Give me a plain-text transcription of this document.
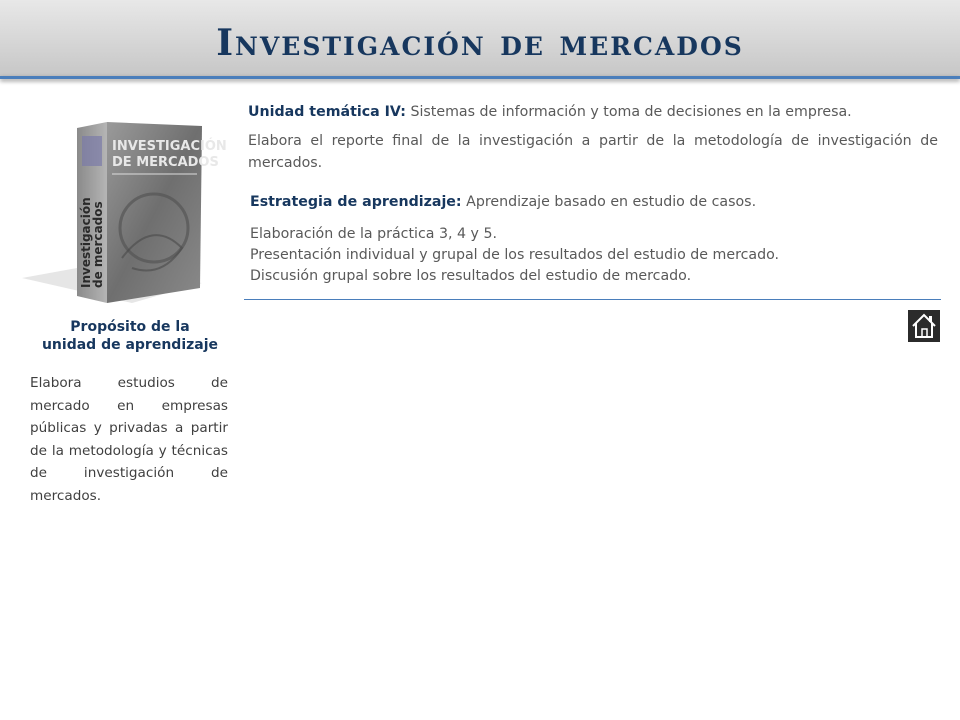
Investigación de mercados
INVESTIGACIÓN
DE MERCADOS
Investigación
de mercados
Propósito de la
unidad de aprendizaje
Elabora estudios de mercado en empresas públicas y privadas a partir de la metodología y técnicas de investigación de mercados.

Unidad temática IV: Sistemas de información y toma de decisiones en la empresa.

Elabora el reporte final de la investigación a partir de la metodología de investigación de mercados.

Estrategia de aprendizaje: Aprendizaje basado en estudio de casos.

Elaboración de la práctica 3, 4 y 5.
Presentación individual y grupal de los resultados del estudio de mercado.
Discusión grupal sobre los resultados del estudio de mercado.
